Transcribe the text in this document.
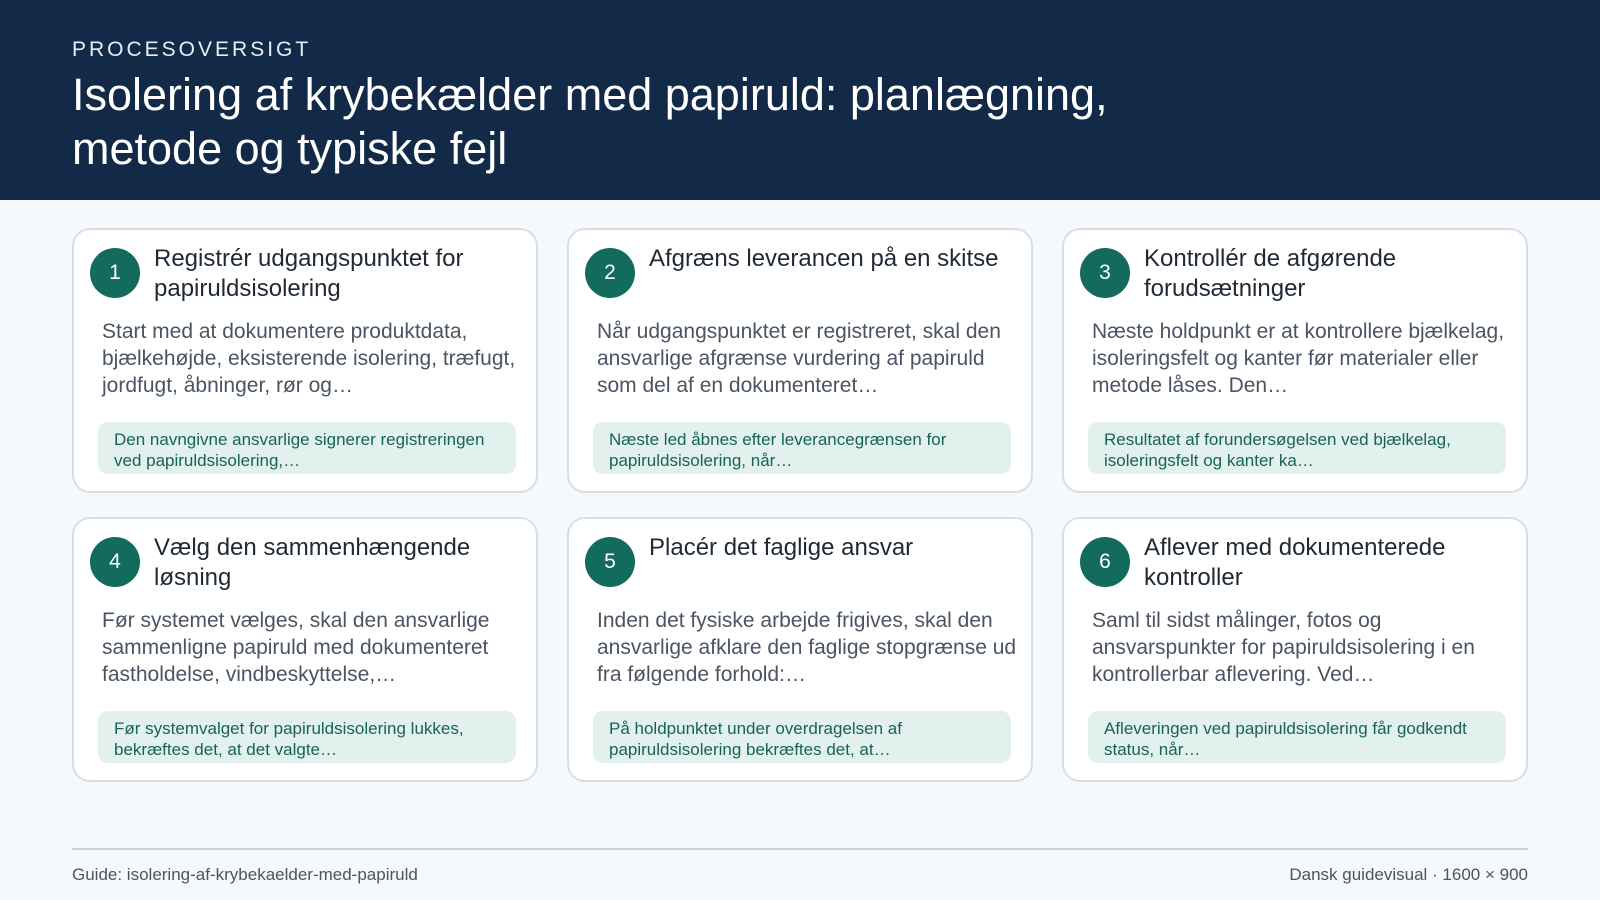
PROCESOVERSIGT
Isolering af krybekælder med papiruld: planlægning, metode og typiske fejl
1
Registrér udgangspunktet for papiruldsisolering
Start med at dokumentere produktdata, bjælkehøjde, eksisterende isolering, træfugt, jordfugt, åbninger, rør og…
Den navngivne ansvarlige signerer registreringen ved papiruldsisolering,…
2
Afgræns leverancen på en skitse
Når udgangspunktet er registreret, skal den ansvarlige afgrænse vurdering af papiruld som del af en dokumenteret…
Næste led åbnes efter leverancegrænsen for papiruldsisolering, når…
3
Kontrollér de afgørende forudsætninger
Næste holdpunkt er at kontrollere bjælkelag, isoleringsfelt og kanter før materialer eller metode låses. Den…
Resultatet af forundersøgelsen ved bjælkelag, isoleringsfelt og kanter ka…
4
Vælg den sammenhængende løsning
Før systemet vælges, skal den ansvarlige sammenligne papiruld med dokumenteret fastholdelse, vindbeskyttelse,…
Før systemvalget for papiruldsisolering lukkes, bekræftes det, at det valgte…
5
Placér det faglige ansvar
Inden det fysiske arbejde frigives, skal den ansvarlige afklare den faglige stopgrænse ud fra følgende forhold:…
På holdpunktet under overdragelsen af papiruldsisolering bekræftes det, at…
6
Aflever med dokumenterede kontroller
Saml til sidst målinger, fotos og ansvarspunkter for papiruldsisolering i en kontrollerbar aflevering. Ved…
Afleveringen ved papiruldsisolering får godkendt status, når…
Guide: isolering-af-krybekaelder-med-papiruld	Dansk guidevisual · 1600 × 900
